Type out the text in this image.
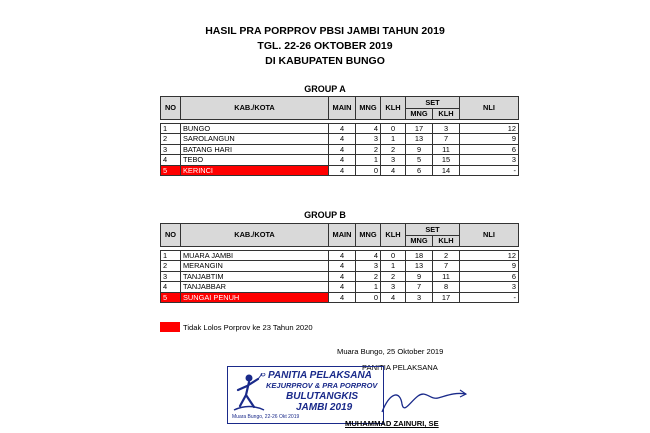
HASIL PRA PORPROV PBSI JAMBI TAHUN 2019
TGL. 22-26 OKTOBER 2019
DI KABUPATEN BUNGO
GROUP A
NO	KAB./KOTA	MAIN	MNG	KLH	SET		NLI
					MNG	KLH	

1	BUNGO	4	4	0	17	3	12
2	SAROLANGUN	4	3	1	13	7	9
3	BATANG HARI	4	2	2	9	11	6
4	TEBO	4	1	3	5	15	3
5	KERINCI	4	0	4	6	14	-
GROUP B
NO	KAB./KOTA	MAIN	MNG	KLH	SET		NLI
					MNG	KLH	

1	MUARA JAMBI	4	4	0	18	2	12
2	MERANGIN	4	3	1	13	7	9
3	TANJABTIM	4	2	2	9	11	6
4	TANJABBAR	4	1	3	7	8	3
5	SUNGAI PENUH	4	0	4	3	17	-
Tidak Lolos Porprov ke 23 Tahun 2020
Muara Bungo, 25 Oktober 2019
PANITIA PELAKSANA
PANITIA PELAKSANA
KEJURPROV & PRA PORPROV
BULUTANGKIS
JAMBI 2019
Muara Bungo, 22-26 Okt 2019
MUHAMMAD ZAINURI, SE
